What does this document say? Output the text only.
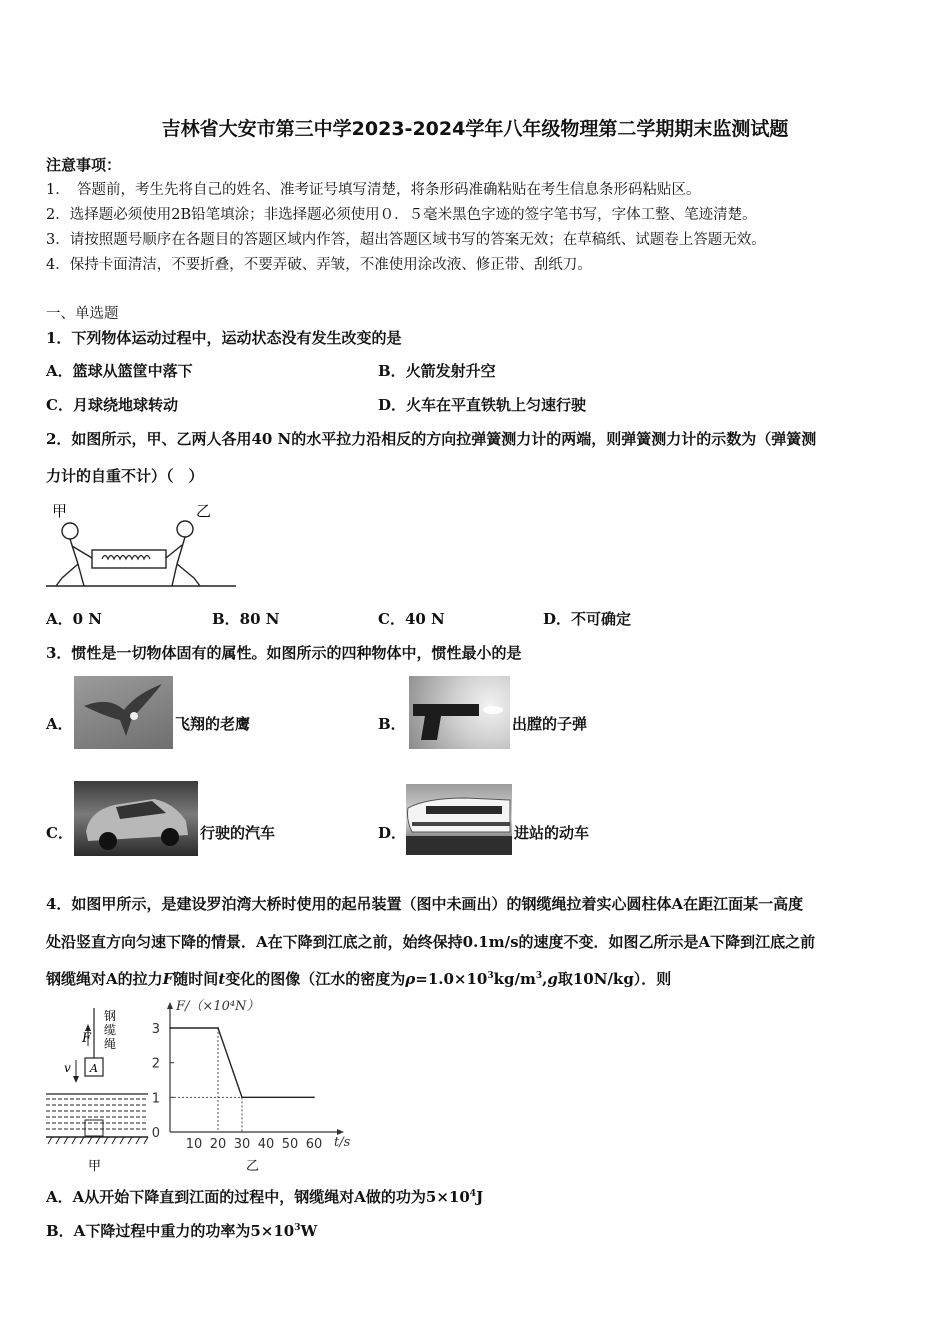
吉林省大安市第三中学2023-2024学年八年级物理第二学期期末监测试题
注意事项：
1．　答题前，考生先将自己的姓名、准考证号填写清楚，将条形码准确粘贴在考生信息条形码粘贴区。
2．选择题必须使用2B铅笔填涂；非选择题必须使用０．５毫米黑色字迹的签字笔书写，字体工整、笔迹清楚。
3．请按照题号顺序在各题目的答题区域内作答，超出答题区域书写的答案无效；在草稿纸、试题卷上答题无效。
4．保持卡面清洁，不要折叠，不要弄破、弄皱，不准使用涂改液、修正带、刮纸刀。
一、单选题
1．下列物体运动过程中，运动状态没有发生改变的是
A．篮球从篮筐中落下	B．火箭发射升空
C．月球绕地球转动	D．火车在平直铁轨上匀速行驶
2．如图所示，甲、乙两人各用40 N的水平拉力沿相反的方向拉弹簧测力计的两端，则弹簧测力计的示数为（弹簧测
力计的自重不计）（　）
甲	乙
A．0 N	B．80 N	C．40 N	D．不可确定
3．惯性是一切物体固有的属性。如图所示的四种物体中，惯性最小的是
A．	飞翔的老鹰	B．	出膛的子弹
C．	行驶的汽车	D．	进站的动车
4．如图甲所示，是建设罗泊湾大桥时使用的起吊装置（图中未画出）的钢缆绳拉着实心圆柱体A在距江面某一高度
处沿竖直方向匀速下降的情景．A在下降到江底之前，始终保持0.1m/s的速度不变．如图乙所示是A下降到江底之前
钢缆绳对A的拉力F随时间t变化的图像（江水的密度为$\rho=1.0\times 10^3kg/m^3,g$取10N/kg）．则
钢
缆
绳
F
A
v
甲
F/（×10⁴N）
t/s
乙
10 20 30 40 50 60
0
1
2
3
A．A从开始下降直到江面的过程中，钢缆绳对A做的功为$5\times 10^4J$
B．A下降过程中重力的功率为$5\times 10^3W$
